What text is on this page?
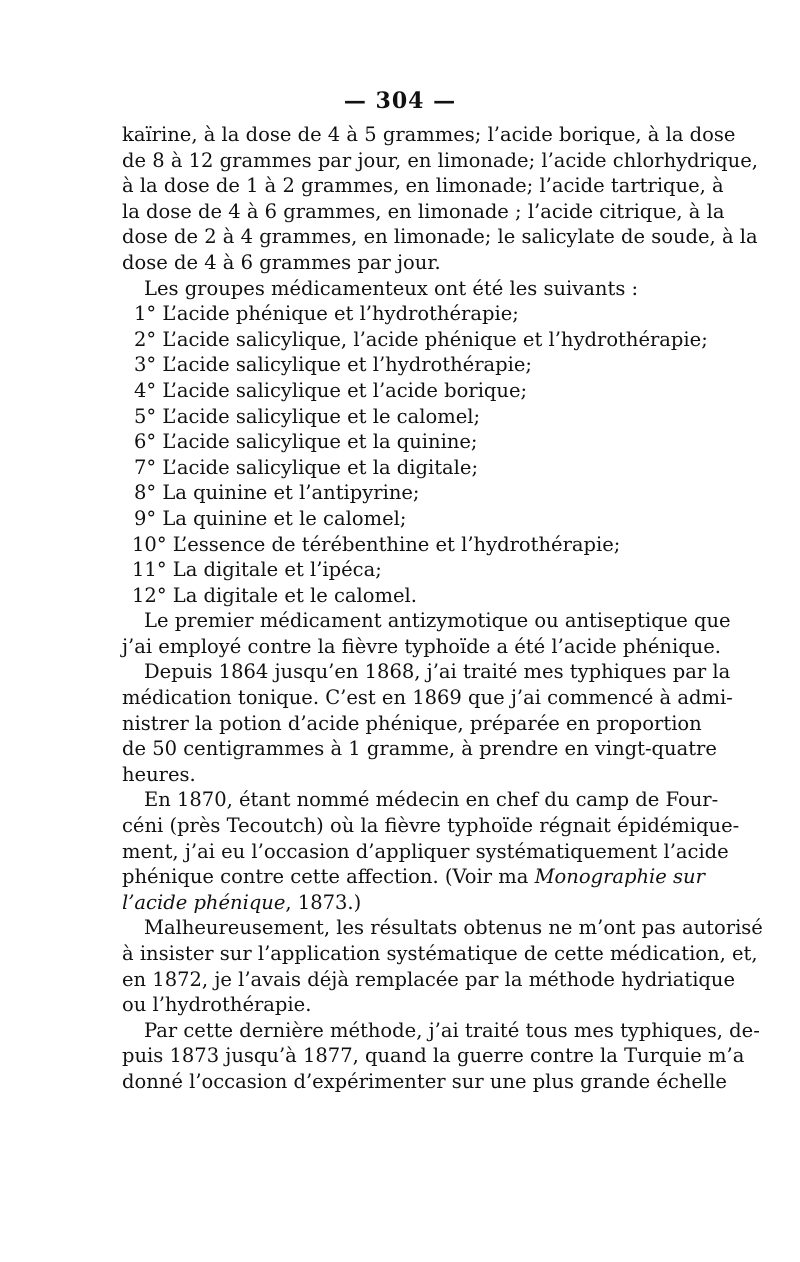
— 304 —
kaïrine, à la dose de 4 à 5 grammes; l’acide borique, à la dose
de 8 à 12 grammes par jour, en limonade; l’acide chlorhydrique,
à la dose de 1 à 2 grammes, en limonade; l’acide tartrique, à
la dose de 4 à 6 grammes, en limonade ; l’acide citrique, à la
dose de 2 à 4 grammes, en limonade; le salicylate de soude, à la
dose de 4 à 6 grammes par jour.
Les groupes médicamenteux ont été les suivants :
1° L’acide phénique et l’hydrothérapie;
2° L’acide salicylique, l’acide phénique et l’hydrothérapie;
3° L’acide salicylique et l’hydrothérapie;
4° L’acide salicylique et l’acide borique;
5° L’acide salicylique et le calomel;
6° L’acide salicylique et la quinine;
7° L’acide salicylique et la digitale;
8° La quinine et l’antipyrine;
9° La quinine et le calomel;
10° L’essence de térébenthine et l’hydrothérapie;
11° La digitale et l’ipéca;
12° La digitale et le calomel.
Le premier médicament antizymotique ou antiseptique que
j’ai employé contre la fièvre typhoïde a été l’acide phénique.
Depuis 1864 jusqu’en 1868, j’ai traité mes typhiques par la
médication tonique. C’est en 1869 que j’ai commencé à admi-
nistrer la potion d’acide phénique, préparée en proportion
de 50 centigrammes à 1 gramme, à prendre en vingt-quatre
heures.
En 1870, étant nommé médecin en chef du camp de Four-
céni (près Tecoutch) où la fièvre typhoïde régnait épidémique-
ment, j’ai eu l’occasion d’appliquer systématiquement l’acide
phénique contre cette affection. (Voir ma Monographie sur
l’acide phénique, 1873.)
Malheureusement, les résultats obtenus ne m’ont pas autorisé
à insister sur l’application systématique de cette médication, et,
en 1872, je l’avais déjà remplacée par la méthode hydriatique
ou l’hydrothérapie.
Par cette dernière méthode, j’ai traité tous mes typhiques, de-
puis 1873 jusqu’à 1877, quand la guerre contre la Turquie m’a
donné l’occasion d’expérimenter sur une plus grande échelle
